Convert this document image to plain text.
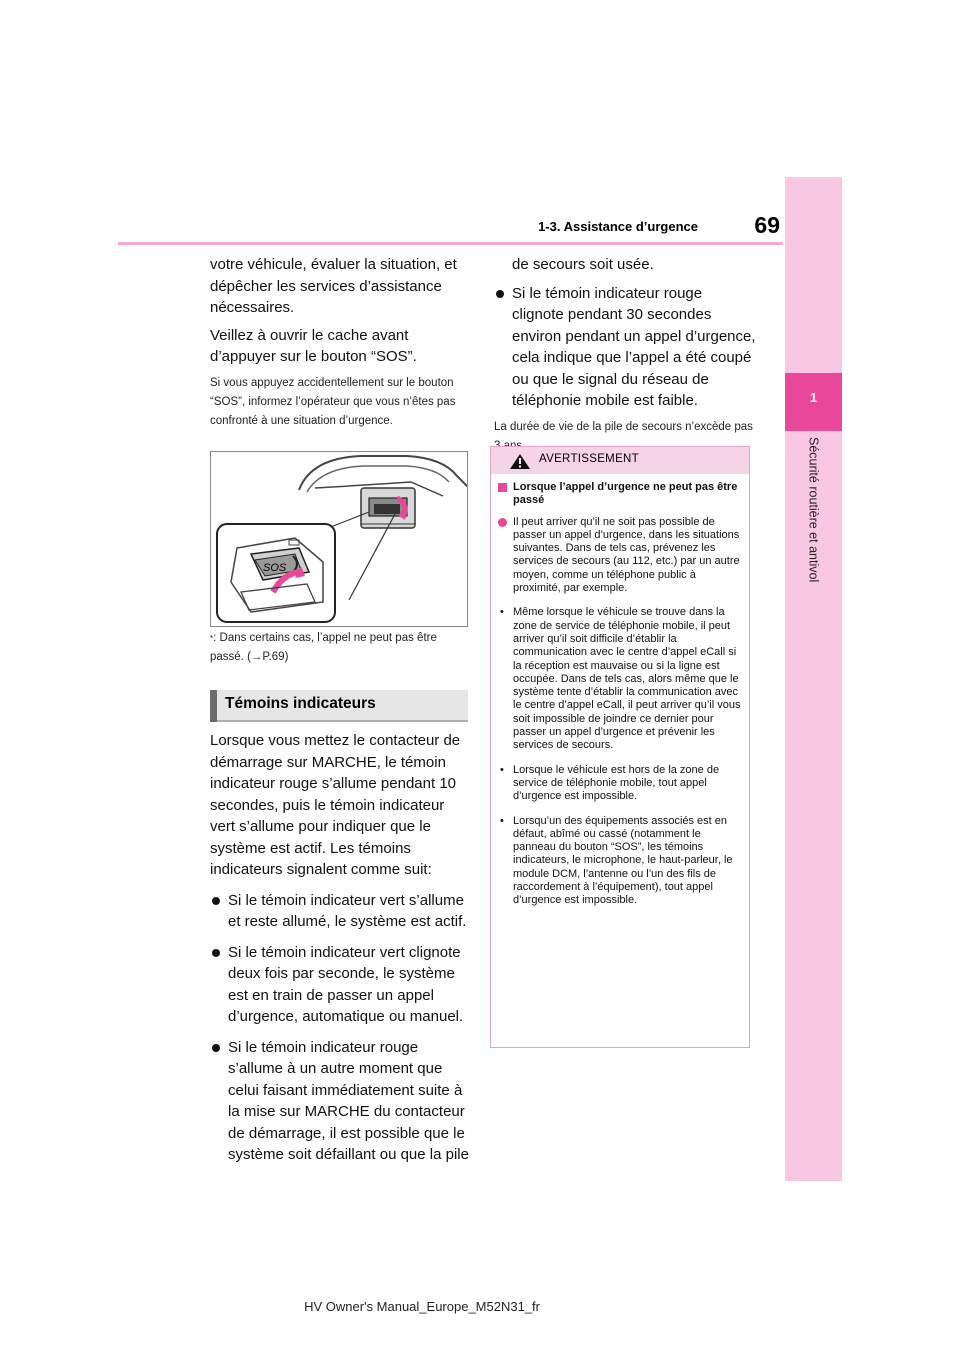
1-3. Assistance d’urgence	69
1
Sécurité routière et antivol

votre véhicule, évaluer la situation, et dépêcher les services d’assistance nécessaires.

Veillez à ouvrir le cache avant d’appuyer sur le bouton “SOS”.

Si vous appuyez accidentellement sur le bouton “SOS”, informez l’opérateur que vous n’êtes pas confronté à une situation d’urgence.

SOS
*: Dans certains cas, l’appel ne peut pas être passé. (→P.69)
Témoins indicateurs

Lorsque vous mettez le contacteur de démarrage sur MARCHE, le témoin indicateur rouge s’allume pendant 10 secondes, puis le témoin indicateur vert s’allume pour indiquer que le système est actif. Les témoins indicateurs signalent comme suit:

Si le témoin indicateur vert s’allume et reste allumé, le système est actif.
Si le témoin indicateur vert clignote deux fois par seconde, le système est en train de passer un appel d’urgence, automatique ou manuel.
Si le témoin indicateur rouge s’allume à un autre moment que celui faisant immédiatement suite à la mise sur MARCHE du contacteur de démarrage, il est possible que le système soit défaillant ou que la pile

de secours soit usée.

Si le témoin indicateur rouge clignote pendant 30 secondes environ pendant un appel d’urgence, cela indique que l’appel a été coupé ou que le signal du réseau de téléphonie mobile est faible.

La durée de vie de la pile de secours n’excède pas

AVERTISSEMENT
Lorsque l’appel d’urgence ne peut pas être passé
Il peut arriver qu’il ne soit pas possible de passer un appel d’urgence, dans les situations suivantes. Dans de tels cas, prévenez les services de secours (au 112, etc.) par un autre moyen, comme un téléphone public à proximité, par exemple.
• Même lorsque le véhicule se trouve dans la zone de service de téléphonie mobile, il peut arriver qu’il soit difficile d’établir la communication avec le centre d’appel eCall si la réception est mauvaise ou si la ligne est occupée. Dans de tels cas, alors même que le système tente d’établir la communication avec le centre d’appel eCall, il peut arriver qu’il vous soit impossible de joindre ce dernier pour passer un appel d’urgence et prévenir les services de secours.
• Lorsque le véhicule est hors de la zone de service de téléphonie mobile, tout appel d’urgence est impossible.
• Lorsqu’un des équipements associés est en défaut, abîmé ou cassé (notamment le panneau du bouton “SOS”, les témoins indicateurs, le microphone, le haut-parleur, le module DCM, l’antenne ou l’un des fils de raccordement à l’équipement), tout appel d’urgence est impossible.
HV Owner's Manual_Europe_M52N31_fr
